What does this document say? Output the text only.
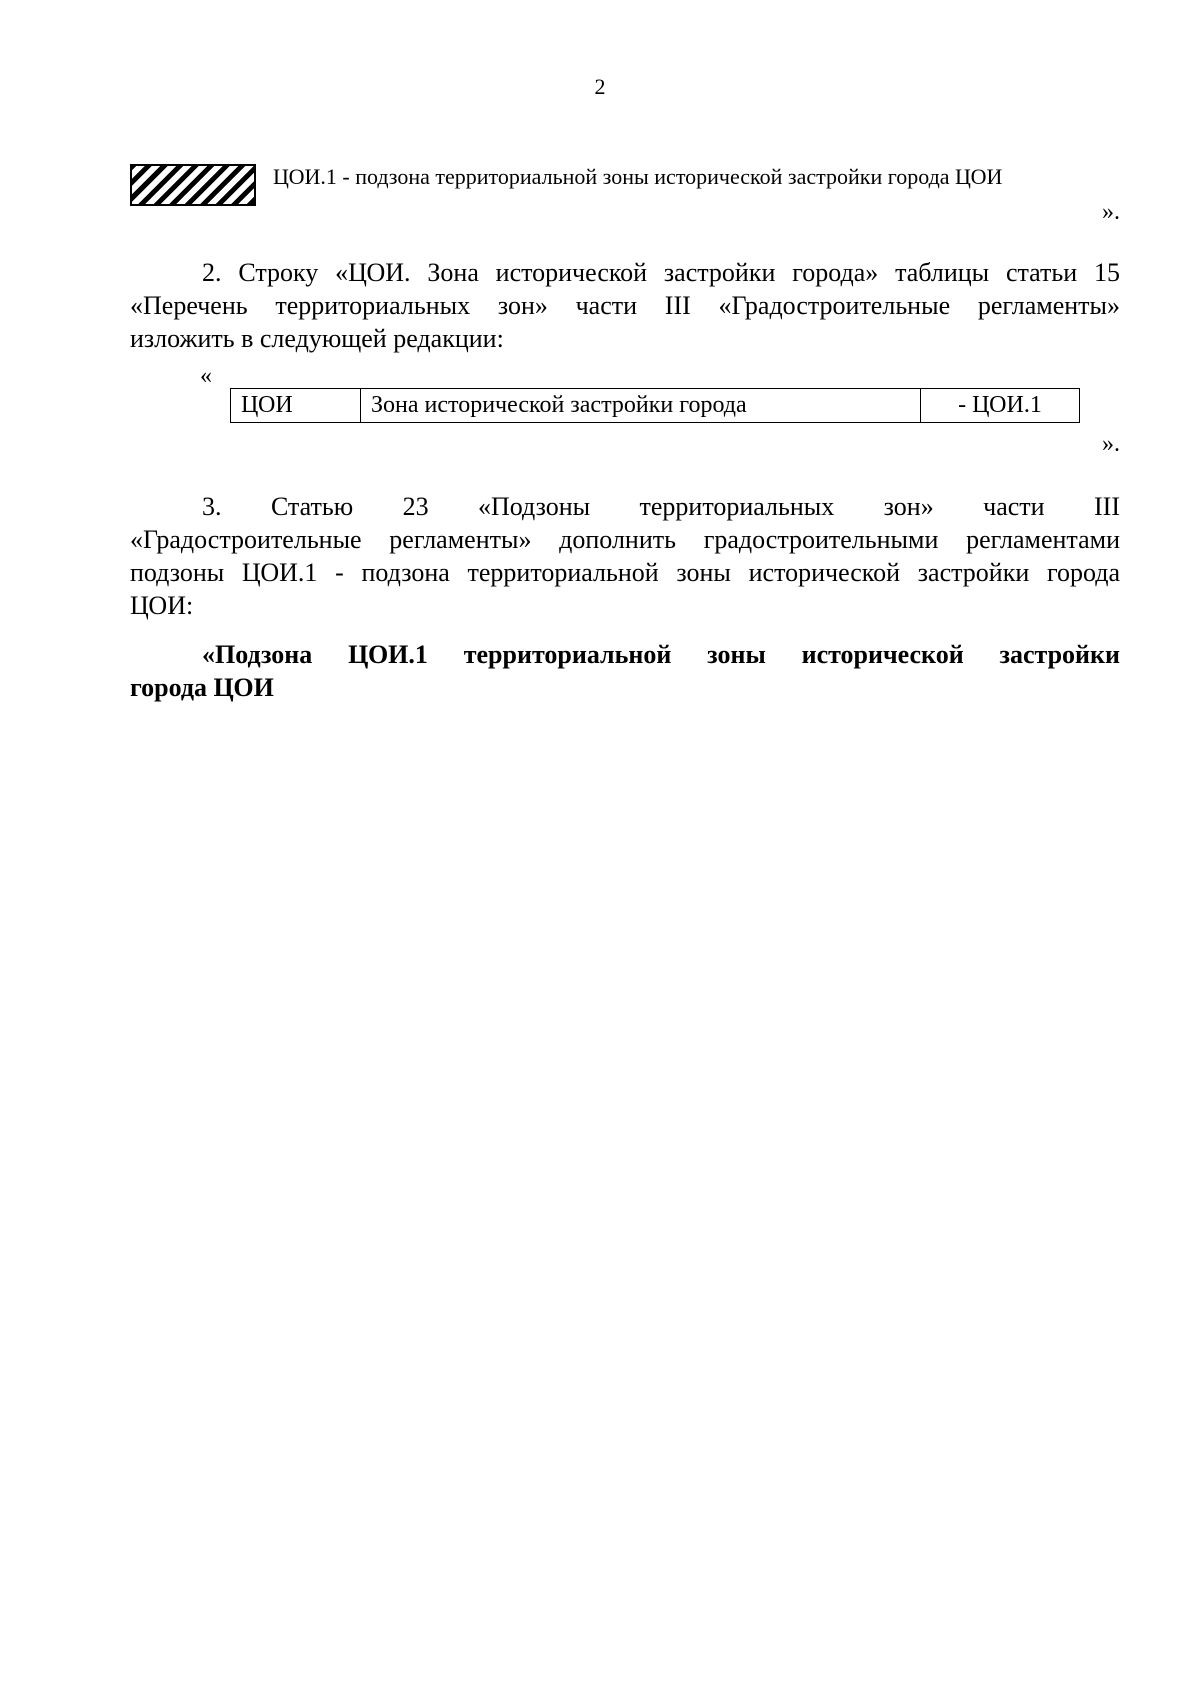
2
ЦОИ.1 - подзона территориальной зоны исторической застройки города ЦОИ
».
2. Строку «ЦОИ. Зона исторической застройки города» таблицы статьи 15
«Перечень территориальных зон» части III «Градостроительные регламенты»
изложить в следующей редакции:
«
ЦОИ	Зона исторической застройки города	- ЦОИ.1
».
3. Статью 23 «Подзоны территориальных зон» части III
«Градостроительные регламенты» дополнить градостроительными регламентами
подзоны ЦОИ.1 - подзона территориальной зоны исторической застройки города
ЦОИ:
«Подзона ЦОИ.1 территориальной зоны исторической застройки
города ЦОИ
